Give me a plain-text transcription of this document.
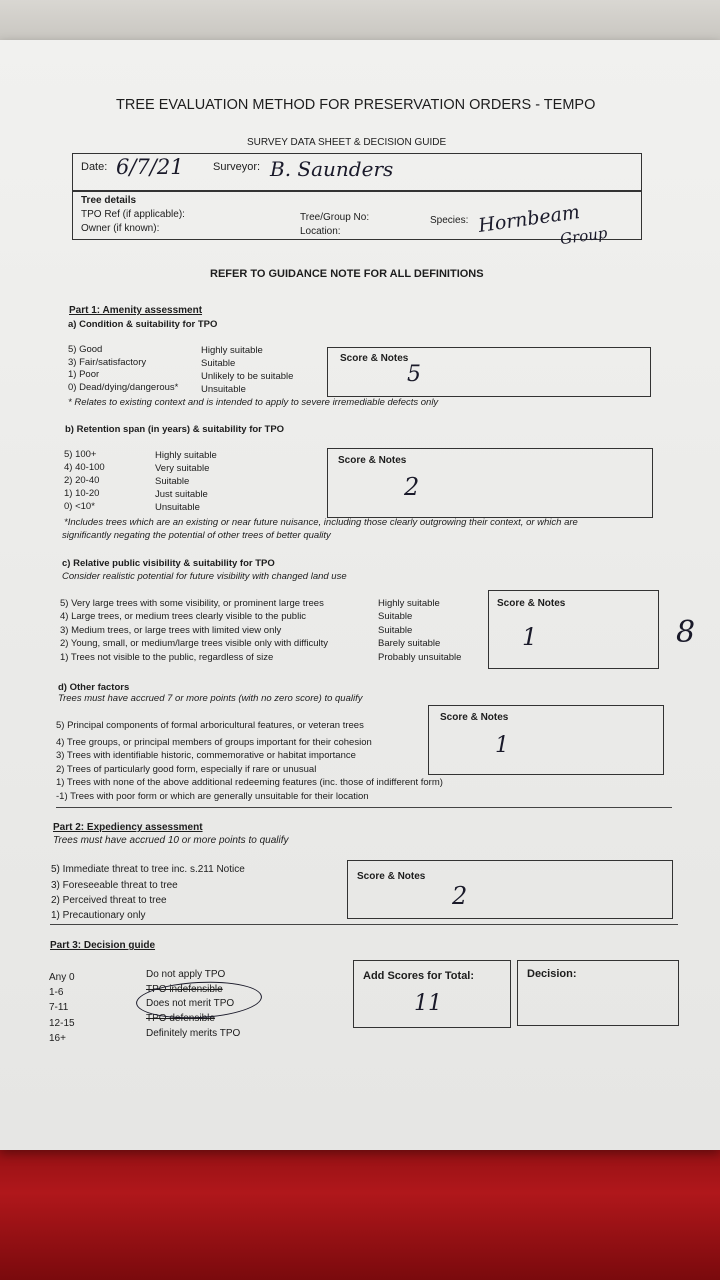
TREE EVALUATION METHOD FOR PRESERVATION ORDERS - TEMPO
SURVEY DATA SHEET & DECISION GUIDE
Date: 6/7/21	Surveyor: B. Saunders
Tree details
TPO Ref (if applicable):
Owner (if known):
Tree/Group No:
Location:
Species: Hornbeam
Group
REFER TO GUIDANCE NOTE FOR ALL DEFINITIONS
Part 1: Amenity assessment
a) Condition & suitability for TPO
5) Good	Highly suitable
3) Fair/satisfactory	Suitable
1) Poor	Unlikely to be suitable
0) Dead/dying/dangerous* Unsuitable
* Relates to existing context and is intended to apply to severe irremediable defects only
Score & Notes
5
b) Retention span (in years) & suitability for TPO
5) 100+	Highly suitable
4) 40-100	Very suitable
2) 20-40	Suitable
1) 10-20	Just suitable
0) <10*	Unsuitable
*Includes trees which are an existing or near future nuisance, including those clearly outgrowing their context, or which are
significantly negating the potential of other trees of better quality
Score & Notes
2
c) Relative public visibility & suitability for TPO
Consider realistic potential for future visibility with changed land use
5) Very large trees with some visibility, or prominent large trees	Highly suitable
4) Large trees, or medium trees clearly visible to the public	Suitable
3) Medium trees, or large trees with limited view only	Suitable
2) Young, small, or medium/large trees visible only with difficulty	Barely suitable
1) Trees not visible to the public, regardless of size	Probably unsuitable
Score & Notes
1	8
d) Other factors
Trees must have accrued 7 or more points (with no zero score) to qualify
5) Principal components of formal arboricultural features, or veteran trees
4) Tree groups, or principal members of groups important for their cohesion
3) Trees with identifiable historic, commemorative or habitat importance
2) Trees of particularly good form, especially if rare or unusual
1) Trees with none of the above additional redeeming features (inc. those of indifferent form)
-1) Trees with poor form or which are generally unsuitable for their location
Score & Notes
1
Part 2: Expediency assessment
Trees must have accrued 10 or more points to qualify
5) Immediate threat to tree inc. s.211 Notice
3) Foreseeable threat to tree
2) Perceived threat to tree
1) Precautionary only
Score & Notes
2
Part 3: Decision guide
Any 0	Do not apply TPO
1-6	TPO indefensible
7-11	Does not merit TPO
12-15	TPO defensible
16+	Definitely merits TPO
Add Scores for Total:
11
Decision:
